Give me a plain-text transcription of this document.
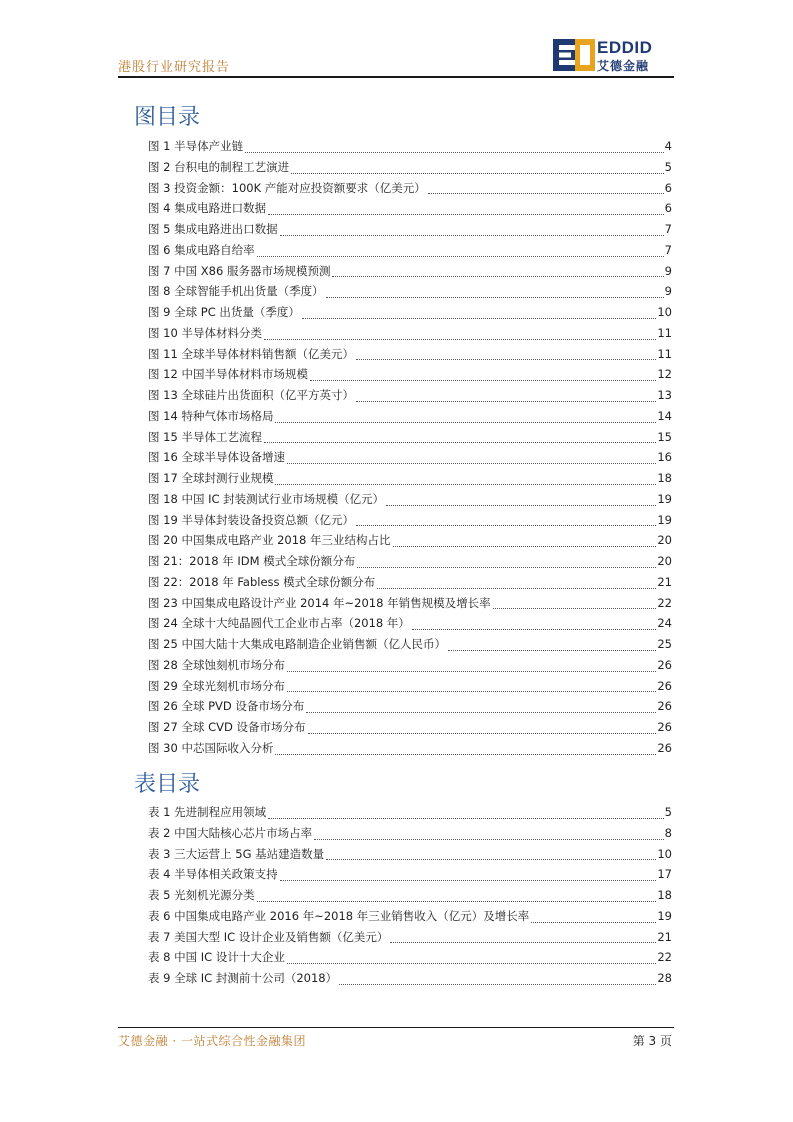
港股行业研究报告
EDDID
艾德金融
图目录
图 1 半导体产业链	4
图 2 台积电的制程工艺演进	5
图 3 投资金额：100K 产能对应投资额要求（亿美元）	6
图 4 集成电路进口数据	6
图 5 集成电路进出口数据	7
图 6 集成电路自给率	7
图 7 中国 X86 服务器市场规模预测	9
图 8 全球智能手机出货量（季度）	9
图 9 全球 PC 出货量（季度）	10
图 10 半导体材料分类	11
图 11 全球半导体材料销售额（亿美元）	11
图 12 中国半导体材料市场规模	12
图 13 全球硅片出货面积（亿平方英寸）	13
图 14 特种气体市场格局	14
图 15 半导体工艺流程	15
图 16 全球半导体设备增速	16
图 17 全球封测行业规模	18
图 18 中国 IC 封装测试行业市场规模（亿元）	19
图 19 半导体封装设备投资总额（亿元）	19
图 20 中国集成电路产业 2018 年三业结构占比	20
图 21：2018 年 IDM 模式全球份额分布	20
图 22：2018 年 Fabless 模式全球份额分布	21
图 23 中国集成电路设计产业 2014 年~2018 年销售规模及增长率	22
图 24 全球十大纯晶圆代工企业市占率（2018 年）	24
图 25 中国大陆十大集成电路制造企业销售额（亿人民币）	25
图 28 全球蚀刻机市场分布	26
图 29 全球光刻机市场分布	26
图 26 全球 PVD 设备市场分布	26
图 27 全球 CVD 设备市场分布	26
图 30 中芯国际收入分析	26
表目录
表 1 先进制程应用领域	5
表 2 中国大陆核心芯片市场占率	8
表 3 三大运营上 5G 基站建造数量	10
表 4 半导体相关政策支持	17
表 5 光刻机光源分类	18
表 6 中国集成电路产业 2016 年~2018 年三业销售收入（亿元）及增长率	19
表 7 美国大型 IC 设计企业及销售额（亿美元）	21
表 8 中国 IC 设计十大企业	22
表 9 全球 IC 封测前十公司（2018）	28
艾德金融 · 一站式综合性金融集团	第 3 页
